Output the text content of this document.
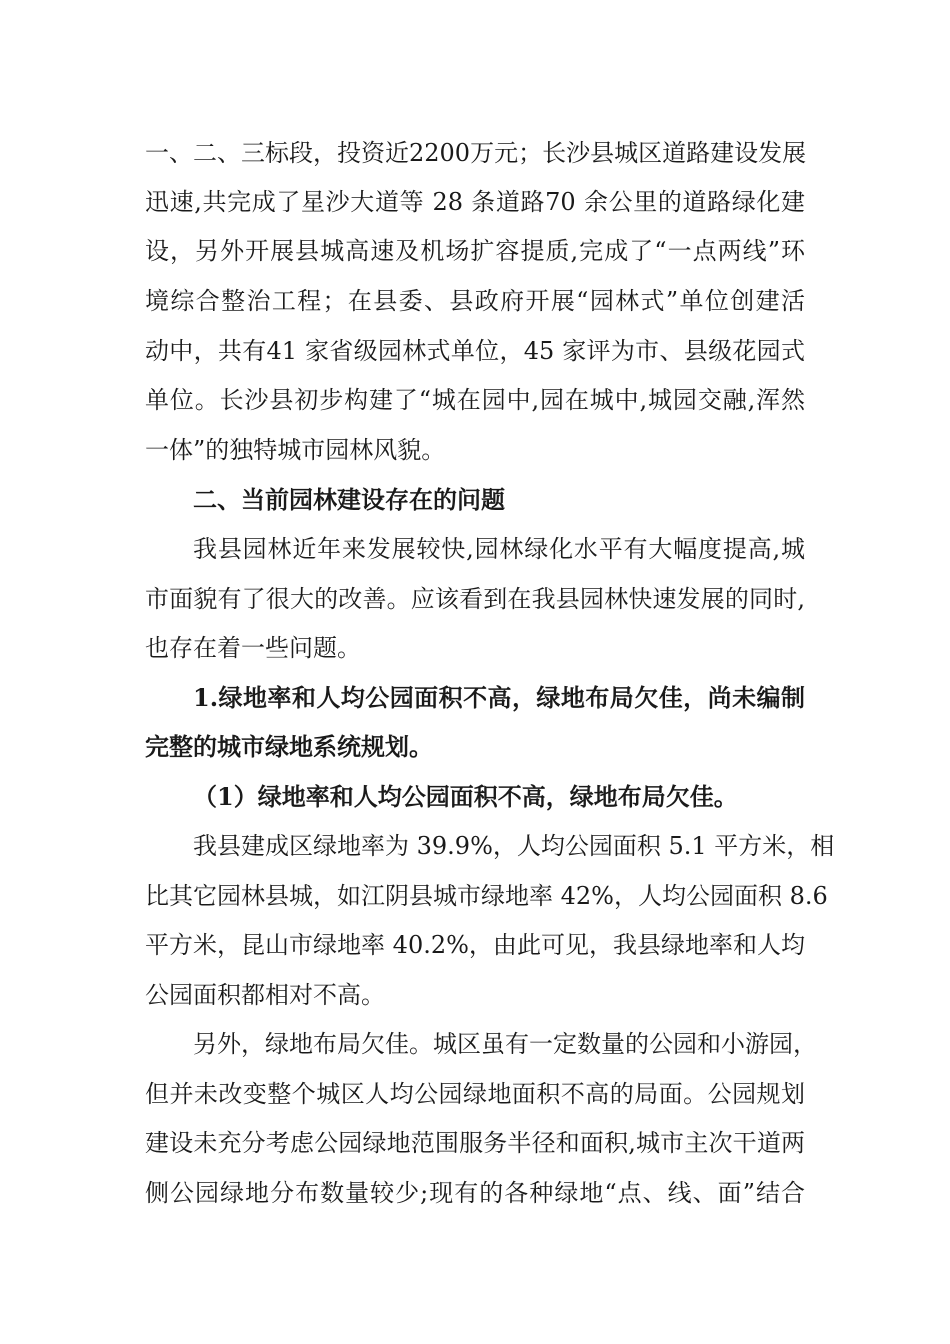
一、二、三标段，投资近2200万元；长沙县城区道路建设发展
迅速,共完成了星沙大道等 28 条道路70 余公里的道路绿化建
设，另外开展县城高速及机场扩容提质,完成了“一点两线”环
境综合整治工程；在县委、县政府开展“园林式”单位创建活
动中，共有41 家省级园林式单位，45 家评为市、县级花园式
单位。长沙县初步构建了“城在园中,园在城中,城园交融,浑然
一体”的独特城市园林风貌。
二、当前园林建设存在的问题
我县园林近年来发展较快,园林绿化水平有大幅度提高,城
市面貌有了很大的改善。应该看到在我县园林快速发展的同时,
也存在着一些问题。
1.绿地率和人均公园面积不高，绿地布局欠佳，尚未编制
完整的城市绿地系统规划。
（1）绿地率和人均公园面积不高，绿地布局欠佳。
我县建成区绿地率为 39.9%，人均公园面积 5.1 平方米，相
比其它园林县城，如江阴县城市绿地率 42%，人均公园面积 8.6
平方米，昆山市绿地率 40.2%，由此可见，我县绿地率和人均
公园面积都相对不高。
另外，绿地布局欠佳。城区虽有一定数量的公园和小游园，
但并未改变整个城区人均公园绿地面积不高的局面。公园规划
建设未充分考虑公园绿地范围服务半径和面积,城市主次干道两
侧公园绿地分布数量较少;现有的各种绿地“点、线、面”结合
